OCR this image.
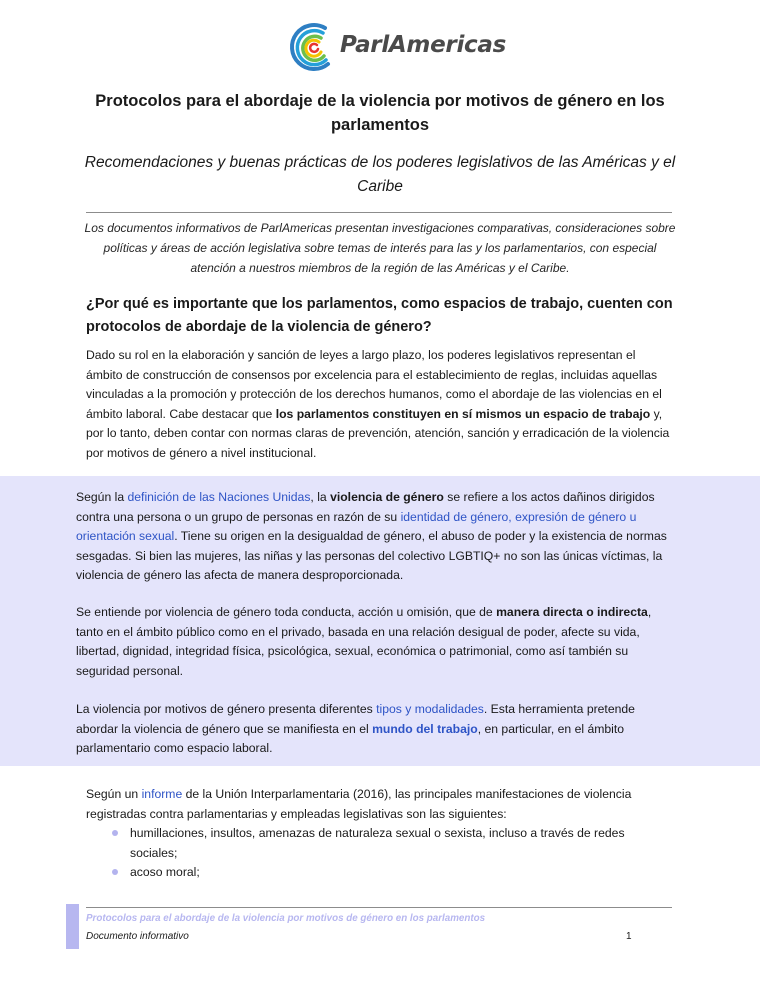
ParlAmericas
Protocolos para el abordaje de la violencia por motivos de género en los parlamentos

Recomendaciones y buenas prácticas de los poderes legislativos de las Américas y el Caribe

Los documentos informativos de ParlAmericas presentan investigaciones comparativas, consideraciones sobre políticas y áreas de acción legislativa sobre temas de interés para las y los parlamentarios, con especial atención a nuestros miembros de la región de las Américas y el Caribe.

¿Por qué es importante que los parlamentos, como espacios de trabajo, cuenten con protocolos de abordaje de la violencia de género?

Dado su rol en la elaboración y sanción de leyes a largo plazo, los poderes legislativos representan el ámbito de construcción de consensos por excelencia para el establecimiento de reglas, incluidas aquellas vinculadas a la promoción y protección de los derechos humanos, como el abordaje de las violencias en el ámbito laboral. Cabe destacar que los parlamentos constituyen en sí mismos un espacio de trabajo y, por lo tanto, deben contar con normas claras de prevención, atención, sanción y erradicación de la violencia por motivos de género a nivel institucional.

Según la definición de las Naciones Unidas, la violencia de género se refiere a los actos dañinos dirigidos contra una persona o un grupo de personas en razón de su identidad de género, expresión de género u orientación sexual. Tiene su origen en la desigualdad de género, el abuso de poder y la existencia de normas sesgadas. Si bien las mujeres, las niñas y las personas del colectivo LGBTIQ+ no son las únicas víctimas, la violencia de género las afecta de manera desproporcionada.

Se entiende por violencia de género toda conducta, acción u omisión, que de manera directa o indirecta, tanto en el ámbito público como en el privado, basada en una relación desigual de poder, afecte su vida, libertad, dignidad, integridad física, psicológica, sexual, económica o patrimonial, como así también su seguridad personal.

La violencia por motivos de género presenta diferentes tipos y modalidades. Esta herramienta pretende abordar la violencia de género que se manifiesta en el mundo del trabajo, en particular, en el ámbito parlamentario como espacio laboral.

Según un informe de la Unión Interparlamentaria (2016), las principales manifestaciones de violencia registradas contra parlamentarias y empleadas legislativas son las siguientes:

humillaciones, insultos, amenazas de naturaleza sexual o sexista, incluso a través de redes sociales;
acoso moral;
Protocolos para el abordaje de la violencia por motivos de género en los parlamentos
Documento informativo	1
